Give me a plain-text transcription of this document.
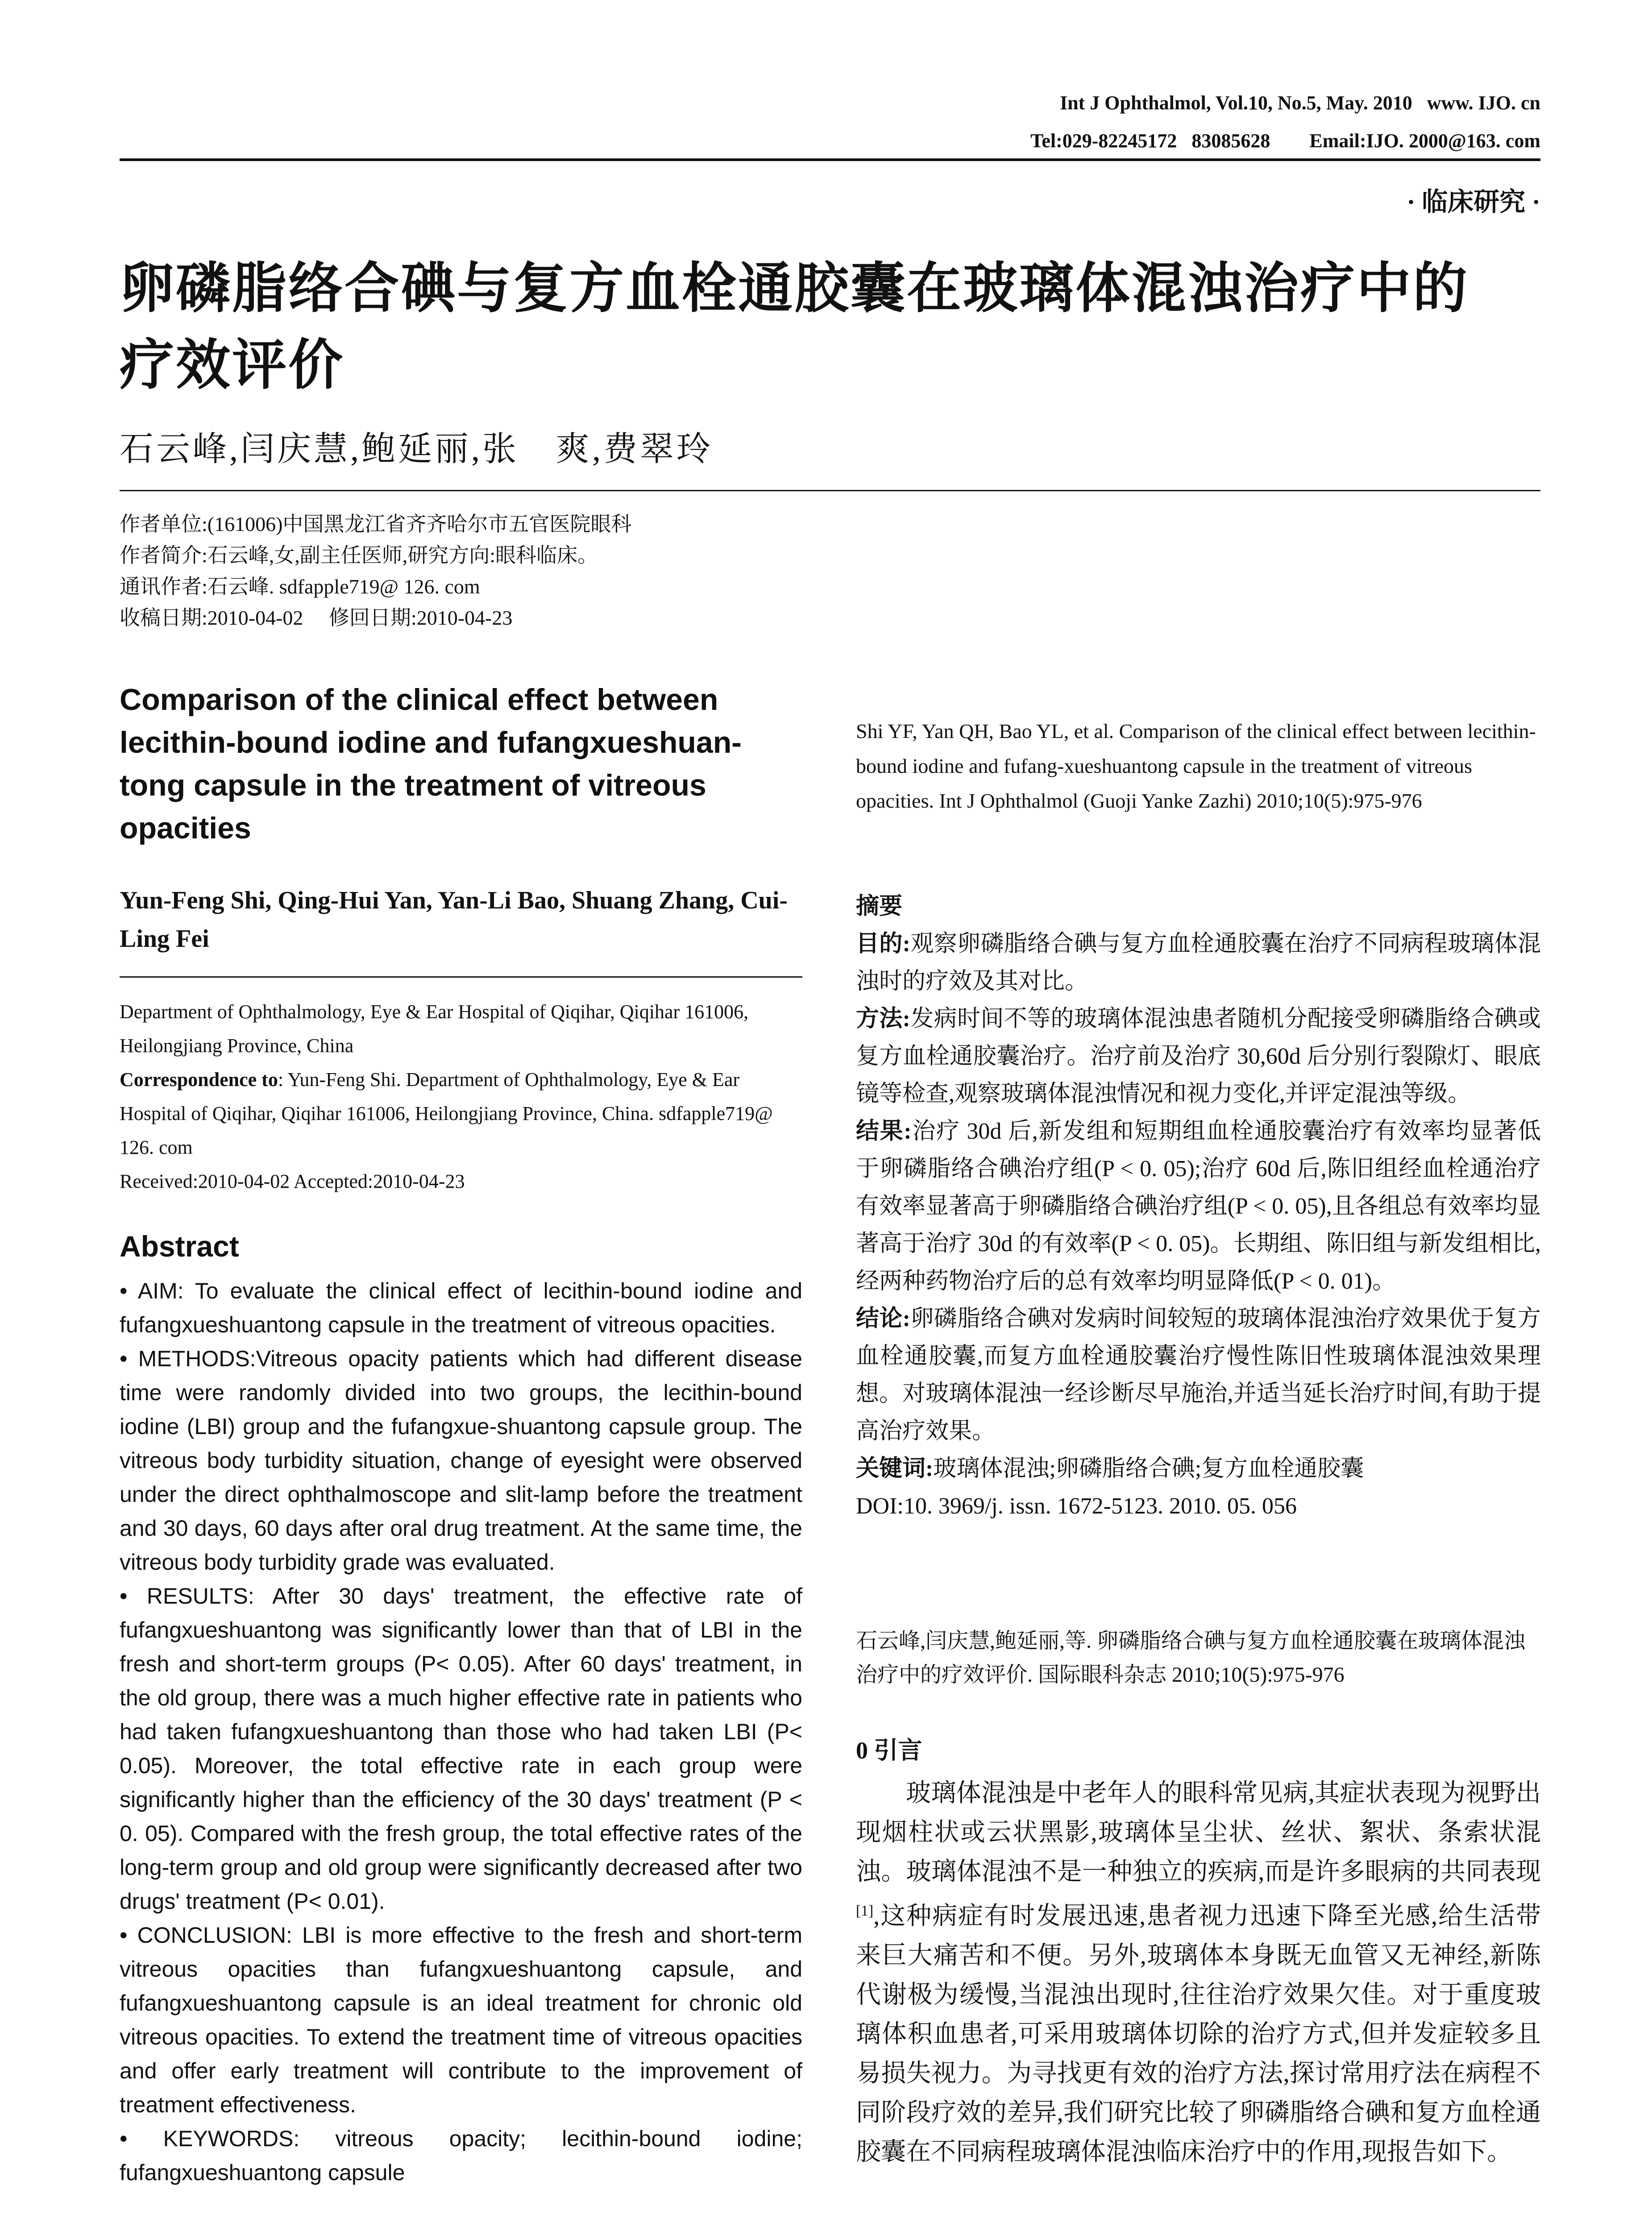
Int J Ophthalmol, Vol.10, No.5, May. 2010   www. IJO. cn
Tel:029-82245172   83085628        Email:IJO. 2000@163. com
· 临床研究 ·
卵磷脂络合碘与复方血栓通胶囊在玻璃体混浊治疗中的
疗效评价
石云峰,闫庆慧,鲍延丽,张　爽,费翠玲
作者单位:(161006)中国黑龙江省齐齐哈尔市五官医院眼科
作者简介:石云峰,女,副主任医师,研究方向:眼科临床。
通讯作者:石云峰. sdfapple719@ 126. com
收稿日期:2010-04-02     修回日期:2010-04-23
Comparison of the clinical effect between lecithin-bound iodine and fufangxueshuan-tong capsule in the treatment of vitreous opacities
Yun-Feng Shi, Qing-Hui Yan, Yan-Li Bao, Shuang Zhang, Cui-Ling Fei

Department of Ophthalmology, Eye & Ear Hospital of Qiqihar, Qiqihar 161006, Heilongjiang Province, China

Correspondence to: Yun-Feng Shi. Department of Ophthalmology, Eye & Ear Hospital of Qiqihar, Qiqihar 161006, Heilongjiang Province, China. sdfapple719@ 126. com

Received:2010-04-02 Accepted:2010-04-23

Abstract

• AIM: To evaluate the clinical effect of lecithin-bound iodine and fufangxueshuantong capsule in the treatment of vitreous opacities.

• METHODS:Vitreous opacity patients which had different disease time were randomly divided into two groups, the lecithin-bound iodine (LBI) group and the fufangxue-shuantong capsule group. The vitreous body turbidity situation, change of eyesight were observed under the direct ophthalmoscope and slit-lamp before the treatment and 30 days, 60 days after oral drug treatment. At the same time, the vitreous body turbidity grade was evaluated.

• RESULTS: After 30 days' treatment, the effective rate of fufangxueshuantong was significantly lower than that of LBI in the fresh and short-term groups (P< 0.05). After 60 days' treatment, in the old group, there was a much higher effective rate in patients who had taken fufangxueshuantong than those who had taken LBI (P< 0.05). Moreover, the total effective rate in each group were significantly higher than the efficiency of the 30 days' treatment (P < 0. 05). Compared with the fresh group, the total effective rates of the long-term group and old group were significantly decreased after two drugs' treatment (P< 0.01).

• CONCLUSION: LBI is more effective to the fresh and short-term vitreous opacities than fufangxueshuantong capsule, and fufangxueshuantong capsule is an ideal treatment for chronic old vitreous opacities. To extend the treatment time of vitreous opacities and offer early treatment will contribute to the improvement of treatment effectiveness.

• KEYWORDS: vitreous opacity; lecithin-bound iodine; fufangxueshuantong capsule

Shi YF, Yan QH, Bao YL, et al. Comparison of the clinical effect between lecithin-bound iodine and fufang-xueshuantong capsule in the treatment of vitreous opacities. Int J Ophthalmol (Guoji Yanke Zazhi) 2010;10(5):975-976

摘要

目的:观察卵磷脂络合碘与复方血栓通胶囊在治疗不同病程玻璃体混浊时的疗效及其对比。

方法:发病时间不等的玻璃体混浊患者随机分配接受卵磷脂络合碘或复方血栓通胶囊治疗。治疗前及治疗 30,60d 后分别行裂隙灯、眼底镜等检查,观察玻璃体混浊情况和视力变化,并评定混浊等级。

结果:治疗 30d 后,新发组和短期组血栓通胶囊治疗有效率均显著低于卵磷脂络合碘治疗组(P < 0. 05);治疗 60d 后,陈旧组经血栓通治疗有效率显著高于卵磷脂络合碘治疗组(P < 0. 05),且各组总有效率均显著高于治疗 30d 的有效率(P < 0. 05)。长期组、陈旧组与新发组相比,经两种药物治疗后的总有效率均明显降低(P < 0. 01)。

结论:卵磷脂络合碘对发病时间较短的玻璃体混浊治疗效果优于复方血栓通胶囊,而复方血栓通胶囊治疗慢性陈旧性玻璃体混浊效果理想。对玻璃体混浊一经诊断尽早施治,并适当延长治疗时间,有助于提高治疗效果。

关键词:玻璃体混浊;卵磷脂络合碘;复方血栓通胶囊

DOI:10. 3969/j. issn. 1672-5123. 2010. 05. 056

石云峰,闫庆慧,鲍延丽,等. 卵磷脂络合碘与复方血栓通胶囊在玻璃体混浊治疗中的疗效评价. 国际眼科杂志 2010;10(5):975-976
0 引言

玻璃体混浊是中老年人的眼科常见病,其症状表现为视野出现烟柱状或云状黑影,玻璃体呈尘状、丝状、絮状、条索状混浊。玻璃体混浊不是一种独立的疾病,而是许多眼病的共同表现[1],这种病症有时发展迅速,患者视力迅速下降至光感,给生活带来巨大痛苦和不便。另外,玻璃体本身既无血管又无神经,新陈代谢极为缓慢,当混浊出现时,往往治疗效果欠佳。对于重度玻璃体积血患者,可采用玻璃体切除的治疗方式,但并发症较多且易损失视力。为寻找更有效的治疗方法,探讨常用疗法在病程不同阶段疗效的差异,我们研究比较了卵磷脂络合碘和复方血栓通胶囊在不同病程玻璃体混浊临床治疗中的作用,现报告如下。
